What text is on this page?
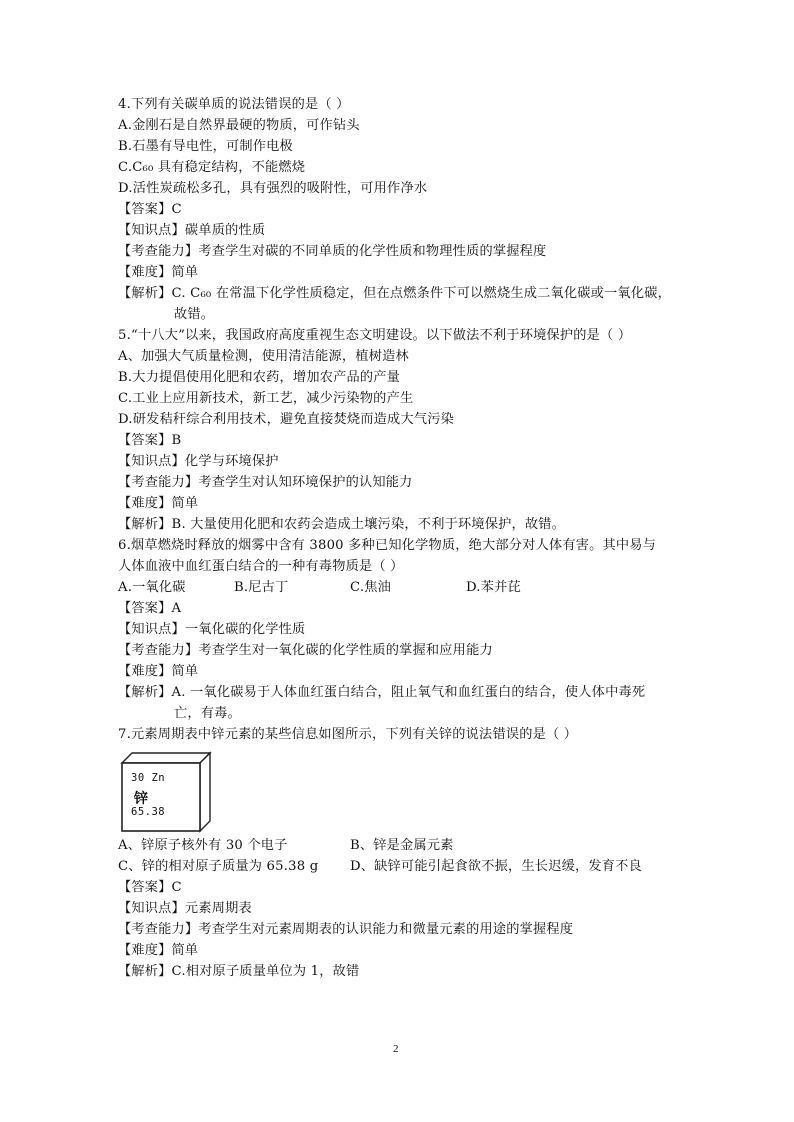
4.下列有关碳单质的说法错误的是（ ）
A.金刚石是自然界最硬的物质，可作钻头
B.石墨有导电性，可制作电极
C.C₆₀ 具有稳定结构，不能燃烧
D.活性炭疏松多孔，具有强烈的吸附性，可用作净水
【答案】C
【知识点】碳单质的性质
【考查能力】考查学生对碳的不同单质的化学性质和物理性质的掌握程度
【难度】简单
【解析】C. C₆₀ 在常温下化学性质稳定，但在点燃条件下可以燃烧生成二氧化碳或一氧化碳，
故错。
5.“十八大”以来，我国政府高度重视生态文明建设。以下做法不利于环境保护的是（ ）
A、加强大气质量检测，使用清洁能源，植树造林
B.大力提倡使用化肥和农药，增加农产品的产量
C.工业上应用新技术，新工艺，减少污染物的产生
D.研发秸秆综合利用技术，避免直接焚烧而造成大气污染
【答案】B
【知识点】化学与环境保护
【考查能力】考查学生对认知环境保护的认知能力
【难度】简单
【解析】B. 大量使用化肥和农药会造成土壤污染，不利于环境保护，故错。
6.烟草燃烧时释放的烟雾中含有 3800 多种已知化学物质，绝大部分对人体有害。其中易与
人体血液中血红蛋白结合的一种有毒物质是（ ）
A.一氧化碳	B.尼古丁	C.焦油	D.苯并芘
【答案】A
【知识点】一氧化碳的化学性质
【考查能力】考查学生对一氧化碳的化学性质的掌握和应用能力
【难度】简单
【解析】A. 一氧化碳易于人体血红蛋白结合，阻止氧气和血红蛋白的结合，使人体中毒死
亡，有毒。
7.元素周期表中锌元素的某些信息如图所示，下列有关锌的说法错误的是（ ）
30 Zn
锌
65.38
A、锌原子核外有 30 个电子	B、锌是金属元素
C、锌的相对原子质量为 65.38 g	D、缺锌可能引起食欲不振，生长迟缓，发育不良
【答案】C
【知识点】元素周期表
【考查能力】考查学生对元素周期表的认识能力和微量元素的用途的掌握程度
【难度】简单
【解析】C.相对原子质量单位为 1，故错
2
